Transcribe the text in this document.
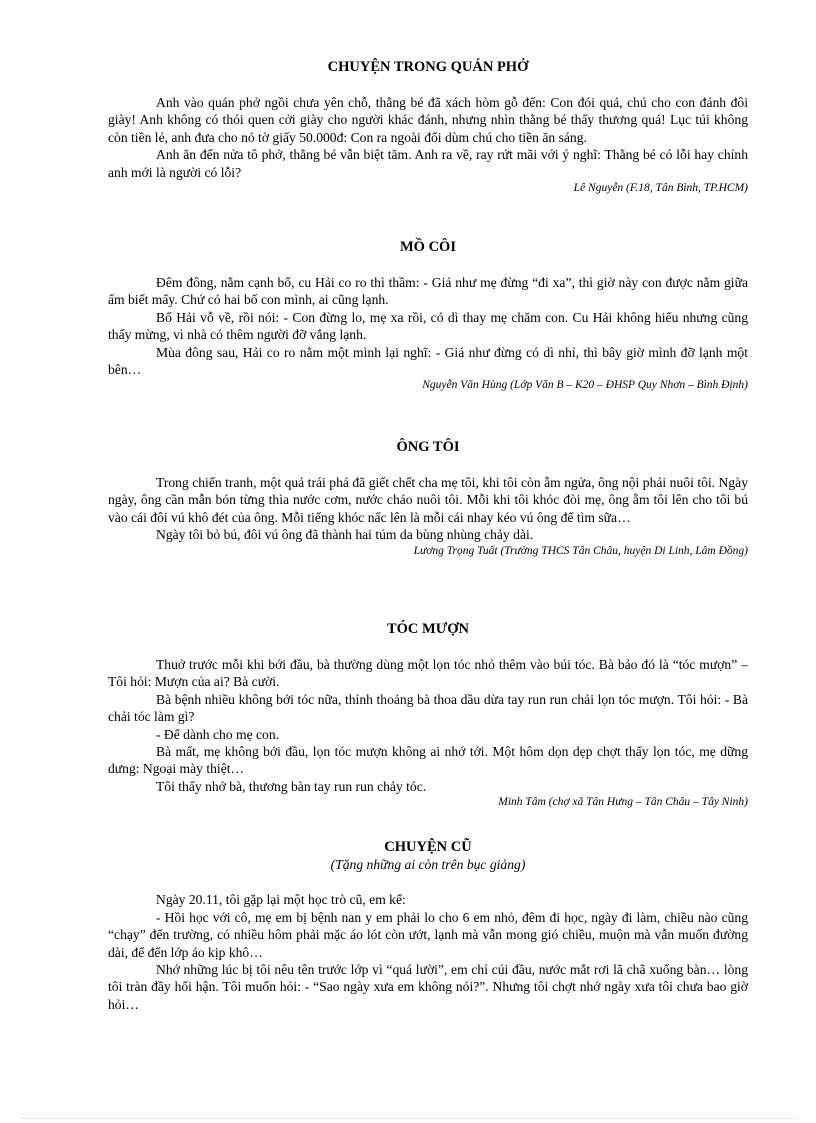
CHUYỆN TRONG QUÁN PHỞ

Anh vào quán phở ngồi chưa yên chỗ, thằng bé đã xách hòm gỗ đến: Con đói quá, chú cho con đánh đôi giày! Anh không có thói quen cởi giày cho người khác đánh, nhưng nhìn thằng bé thấy thương quá! Lục túi không còn tiền lẻ, anh đưa cho nó tờ giấy 50.000đ: Con ra ngoài đổi dùm chú cho tiền ăn sáng.

Anh ăn đến nửa tô phở, thằng bé vẫn biệt tăm. Anh ra về, ray rứt mãi với ý nghĩ: Thằng bé có lỗi hay chính anh mới là người có lỗi?

Lê Nguyễn (F.18, Tân Bình, TP.HCM)
MỒ CÔI

Đêm đông, nằm cạnh bố, cu Hải co ro thì thầm: - Giá như mẹ đừng “đi xa”, thì giờ này con được nằm giữa ấm biết mấy. Chứ có hai bố con mình, ai cũng lạnh.

Bố Hải vỗ về, rồi nói: - Con đừng lo, mẹ xa rồi, có dì thay mẹ chăm con. Cu Hải không hiểu nhưng cũng thấy mừng, vì nhà có thêm người đỡ vắng lạnh.

Mùa đông sau, Hải co ro nằm một mình lại nghĩ: - Giá như đừng có dì nhỉ, thì bây giờ mình đỡ lạnh một bên…

Nguyễn Văn Hùng (Lớp Văn B – K20 – ĐHSP Quy Nhơn – Bình Định)
ÔNG TÔI

Trong chiến tranh, một quả trái phá đã giết chết cha mẹ tôi, khi tôi còn ẵm ngửa, ông nội phải nuôi tôi. Ngày ngày, ông cần mẫn bón từng thìa nước cơm, nước cháo nuôi tôi. Mỗi khi tôi khóc đòi mẹ, ông ẵm tôi lên cho tôi bú vào cái đôi vú khô đét của ông. Mỗi tiếng khóc nấc lên là mỗi cái nhay kéo vú ông để tìm sữa…

Ngày tôi bỏ bú, đôi vú ông đã thành hai túm da bùng nhùng chảy dài.

Lương Trọng Tuất (Trường THCS Tân Châu, huyện Di Linh, Lâm Đồng)
TÓC MƯỢN

Thuở trước mỗi khi bới đầu, bà thường dùng một lọn tóc nhỏ thêm vào búi tóc. Bà bảo đó là “tóc mượn” – Tôi hỏi: Mượn của ai? Bà cười.

Bà bệnh nhiều không bới tóc nữa, thỉnh thoảng bà thoa dầu dừa tay run run chải lọn tóc mượn. Tôi hỏi: - Bà chải tóc làm gì?

- Để dành cho mẹ con.

Bà mất, mẹ không bới đầu, lọn tóc mượn không ai nhớ tới. Một hôm dọn dẹp chợt thấy lọn tóc, mẹ dững dưng: Ngoại mày thiệt…

Tôi thấy nhớ bà, thương bàn tay run run chảy tóc.

Minh Tâm (chợ xã Tân Hưng – Tân Châu – Tây Ninh)
CHUYỆN CŨ
(Tặng những ai còn trên bục giảng)

Ngày 20.11, tôi gặp lại một học trò cũ, em kể:

- Hồi học với cô, mẹ em bị bệnh nan y em phải lo cho 6 em nhỏ, đêm đi học, ngày đi làm, chiều nào cũng “chạy” đến trường, có nhiều hôm phải mặc áo lót còn ướt, lạnh mà vẫn mong gió chiều, muộn mà vẫn muốn đường dài, để đến lớp áo kịp khô…

Nhớ những lúc bị tôi nêu tên trước lớp vì “quá lười”, em chỉ cúi đầu, nước mắt rơi lã chã xuống bàn… lòng tôi tràn đầy hối hận. Tôi muốn hỏi: - “Sao ngày xưa em không nói?”. Nhưng tôi chợt nhớ ngày xưa tôi chưa bao giờ hỏi…
